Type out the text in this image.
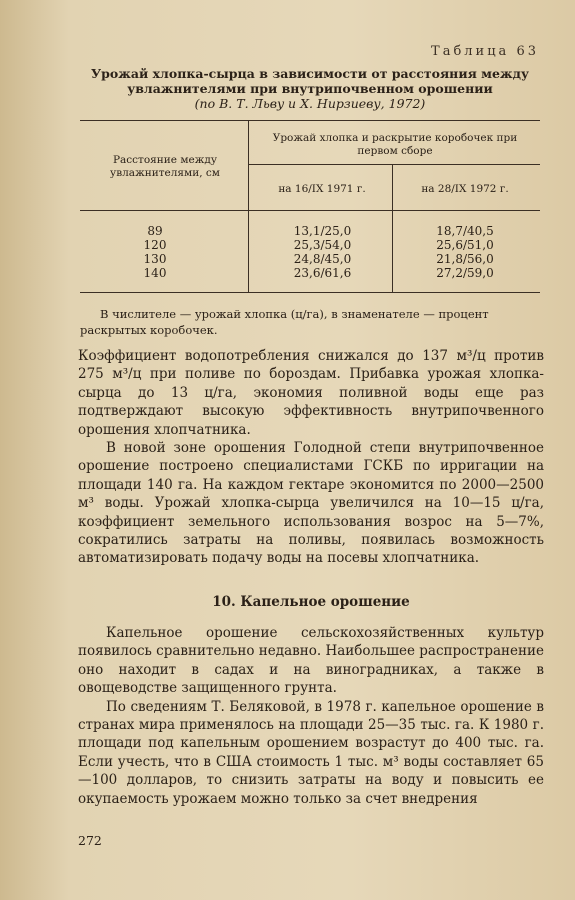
Таблица 63
Урожай хлопка-сырца в зависимости от расстояния между
увлажнителями при внутрипочвенном орошении
(по В. Т. Львy и X. Нирзиеву, 1972)
Расстояние между увлажнителями, см
Урожай хлопка и раскрытие коробочек при первом сборе
на 16/IX 1971 г.	на 28/IX 1972 г.
89	13,1/25,0	18,7/40,5
120	25,3/54,0	25,6/51,0
130	24,8/45,0	21,8/56,0
140	23,6/61,6	27,2/59,0
В числителе — урожай хлопка (ц/га), в знаменателе — процент раскрытых коробочек.

Коэффициент водопотребления снижался до 137 м³/ц против 275 м³/ц при поливе по бороздам. Прибавка урожая хлопка-сырца до 13 ц/га, экономия поливной воды еще раз подтверждают высокую эффективность внутрипочвенного орошения хлопчатника.

В новой зоне орошения Голодной степи внутрипочвенное орошение построено специалистами ГСКБ по ирригации на площади 140 га. На каждом гектаре экономится по 2000—2500 м³ воды. Урожай хлопка-сырца увеличился на 10—15 ц/га, коэффициент земельного использования возрос на 5—7%, сократились затраты на поливы, появилась возможность автоматизировать подачу воды на посевы хлопчатника.

10. Капельное орошение

Капельное орошение сельскохозяйственных культур появилось сравнительно недавно. Наибольшее распространение оно находит в садах и на виноградниках, а также в овощеводстве защищенного грунта.

По сведениям Т. Беляковой, в 1978 г. капельное орошение в странах мира применялось на площади 25—35 тыс. га. К 1980 г. площади под капельным орошением возрастут до 400 тыс. га. Если учесть, что в США стоимость 1 тыс. м³ воды составляет 65—100 долларов, то снизить затраты на воду и повысить ее окупаемость урожаем можно только за счет внедрения

272
